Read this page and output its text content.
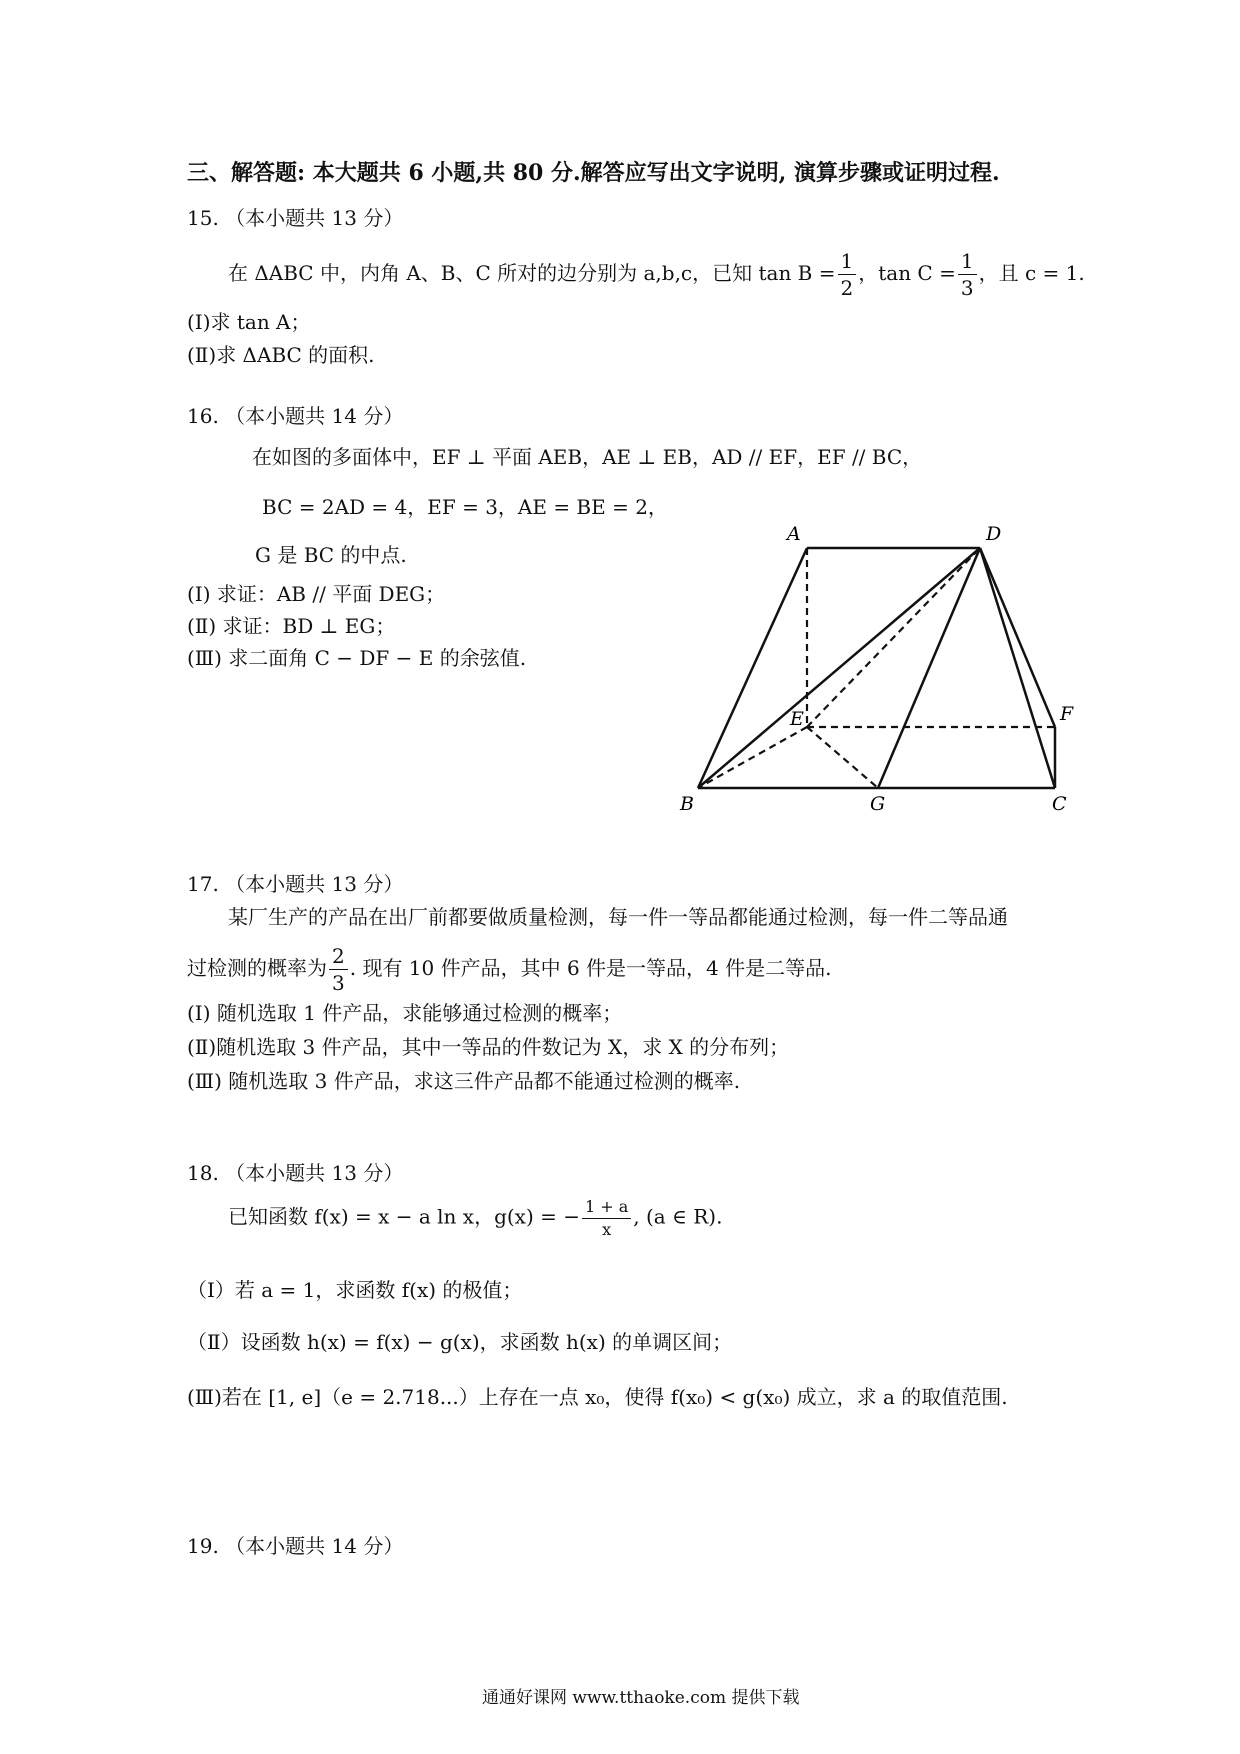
三、解答题: 本大题共 6 小题,共 80 分.解答应写出文字说明, 演算步骤或证明过程.
15. （本小题共 13 分）
在 ΔABC 中，内角 A、B、C 所对的边分别为 a,b,c，已知 $\tan B = \frac{1}{2}$ ，$\tan C = \frac{1}{3}$ ，且 c = 1.
(Ⅰ)求 tan A；
(Ⅱ)求 ΔABC 的面积.
16. （本小题共 14 分）
在如图的多面体中，EF ⊥ 平面 AEB，AE ⊥ EB，AD // EF，EF // BC，
BC = 2AD = 4，EF = 3，AE = BE = 2，
G 是 BC 的中点.
(Ⅰ) 求证：AB // 平面 DEG；
(Ⅱ) 求证：BD ⊥ EG；
(Ⅲ) 求二面角 C − DF − E 的余弦值.
A	D
E	F
B	G	C
17. （本小题共 13 分）
某厂生产的产品在出厂前都要做质量检测，每一件一等品都能通过检测，每一件二等品通
过检测的概率为 $\frac{2}{3}$ . 现有 10 件产品，其中 6 件是一等品，4 件是二等品.
(Ⅰ) 随机选取 1 件产品，求能够通过检测的概率；
(Ⅱ)随机选取 3 件产品，其中一等品的件数记为 X，求 X 的分布列；
(Ⅲ) 随机选取 3 件产品，求这三件产品都不能通过检测的概率.
18. （本小题共 13 分）
已知函数 f(x) = x − a ln x，g(x) = − $\frac{1 + a}{x}$ , (a ∈ R).
（Ⅰ）若 a = 1，求函数 f(x) 的极值；
（Ⅱ）设函数 h(x) = f(x) − g(x)，求函数 h(x) 的单调区间；
(Ⅲ)若在 [1, e]（e = 2.718...）上存在一点 x₀，使得 f(x₀) < g(x₀) 成立，求 a 的取值范围.
19. （本小题共 14 分）
通通好课网 www.tthaoke.com 提供下载
